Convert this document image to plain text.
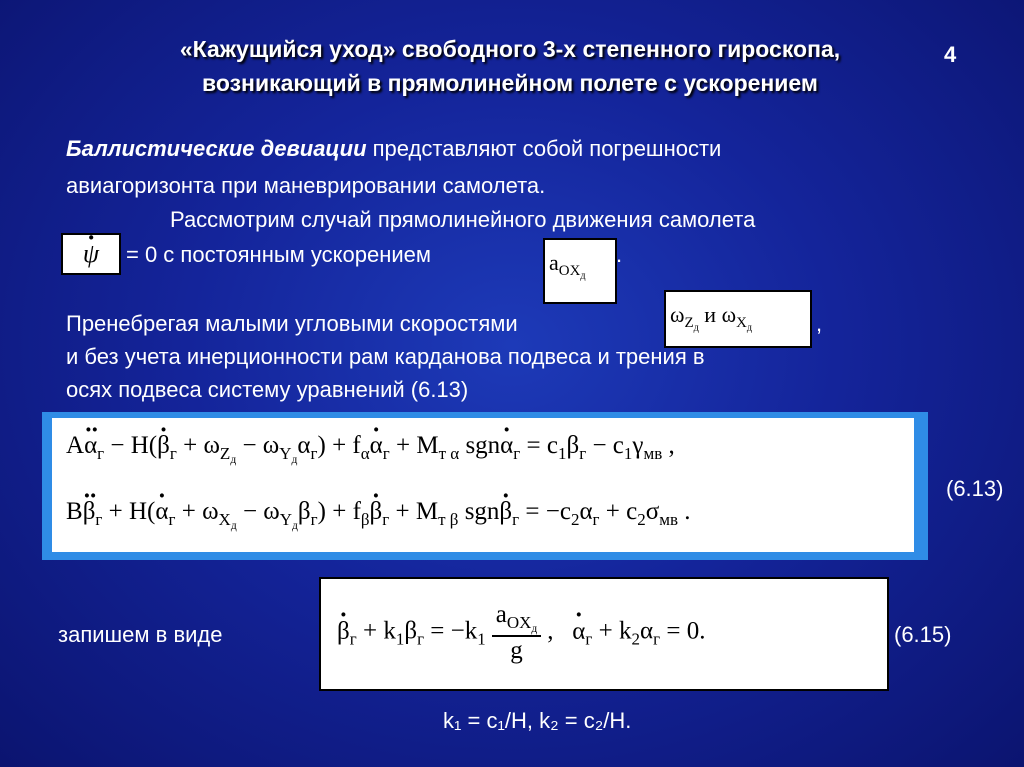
«Кажущийся уход» свободного 3-х степенного гироскопа,
возникающий в прямолинейном полете с ускорением
4
Баллистические девиации представляют собой погрешности
авиагоризонта при маневрировании самолета.
Рассмотрим случай прямолинейного движения самолета
· ψ	= 0 с постоянным ускорением	$a_{OX_д}$
.
Пренебрегая малыми угловыми скоростями	$\omega_{Z_д}$ и $\omega_{X_д}$	,
и без учета инерционности рам карданова подвеса и трения в
осях подвеса систему уравнений (6.13)
$A\cdot\cdot \alpha_г - H(\cdot \beta_г + \omega_{Z_д} - \omega_{Y_д}\alpha_г) + f_\alpha\cdot \alpha_г + M_{т \alpha}$ $sgn\cdot \alpha_г = c_1\beta_г - c_1\gamma_{мв}$ ,
$B\cdot\cdot \beta_г + H(\cdot \alpha_г + \omega_{X_д} - \omega_{Y_д}\beta_г) + f_\beta\cdot \beta_г + M_{т \beta}$ $sgn\cdot \beta_г = -c_2\alpha_г + c_2\sigma_{мв}$ .
(6.13)
запишем в виде
·	$\beta_г + k_1\beta_г = -k_1 \frac{a_{OX_д}}{g}$ ,   · $\alpha_г + k_2\alpha_г = 0$.	(6.15)
k₁ = c₁/H, k₂ = c₂/H.
